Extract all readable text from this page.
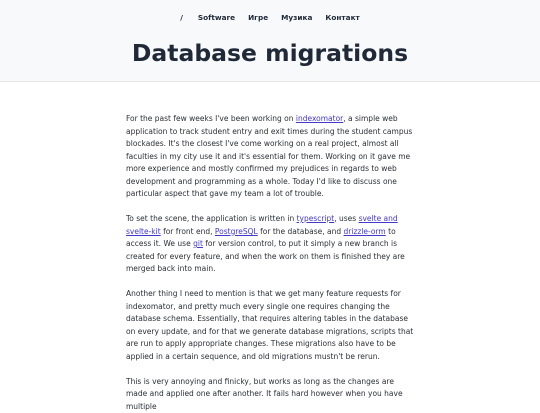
/ Software Игре Музика Контакт
Database migrations

For the past few weeks I've been working on indexomator, a simple web application to track student entry and exit times during the student campus blockades. It's the closest I've come working on a real project, almost all faculties in my city use it and it's essential for them. Working on it gave me more experience and mostly confirmed my prejudices in regards to web development and programming as a whole. Today I'd like to discuss one particular aspect that gave my team a lot of trouble.

To set the scene, the application is written in typescript, uses svelte and svelte-kit for front end, PostgreSQL for the database, and drizzle-orm to access it. We use git for version control, to put it simply a new branch is created for every feature, and when the work on them is finished they are merged back into main.

Another thing I need to mention is that we get many feature requests for indexomator, and pretty much every single one requires changing the database schema. Essentially, that requires altering tables in the database on every update, and for that we generate database migrations, scripts that are run to apply appropriate changes. These migrations also have to be applied in a certain sequence, and old migrations mustn't be rerun.

This is very annoying and finicky, but works as long as the changes are made and applied one after another. It fails hard however when you have multiple
